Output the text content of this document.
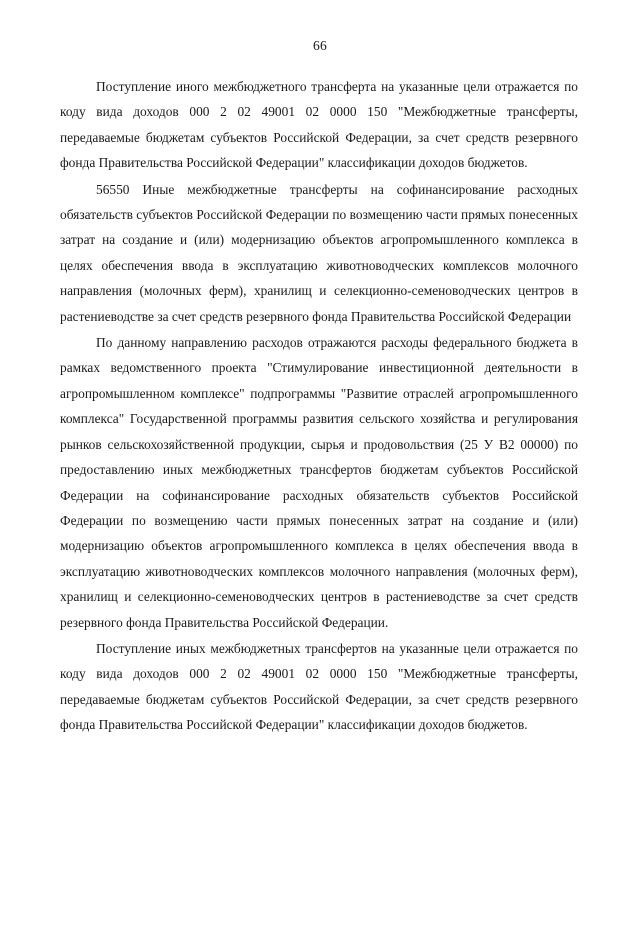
66

Поступление иного межбюджетного трансферта на указанные цели отражается по коду вида доходов 000 2 02 49001 02 0000 150 "Межбюджетные трансферты, передаваемые бюджетам субъектов Российской Федерации, за счет средств резервного фонда Правительства Российской Федерации" классификации доходов бюджетов.

56550 Иные межбюджетные трансферты на софинансирование расходных обязательств субъектов Российской Федерации по возмещению части прямых понесенных затрат на создание и (или) модернизацию объектов агропромышленного комплекса в целях обеспечения ввода в эксплуатацию животноводческих комплексов молочного направления (молочных ферм), хранилищ и селекционно-семеноводческих центров в растениеводстве за счет средств резервного фонда Правительства Российской Федерации

По данному направлению расходов отражаются расходы федерального бюджета в рамках ведомственного проекта "Стимулирование инвестиционной деятельности в агропромышленном комплексе" подпрограммы "Развитие отраслей агропромышленного комплекса" Государственной программы развития сельского хозяйства и регулирования рынков сельскохозяйственной продукции, сырья и продовольствия (25 У В2 00000) по предоставлению иных межбюджетных трансфертов бюджетам субъектов Российской Федерации на софинансирование расходных обязательств субъектов Российской Федерации по возмещению части прямых понесенных затрат на создание и (или) модернизацию объектов агропромышленного комплекса в целях обеспечения ввода в эксплуатацию животноводческих комплексов молочного направления (молочных ферм), хранилищ и селекционно-семеноводческих центров в растениеводстве за счет средств резервного фонда Правительства Российской Федерации.

Поступление иных межбюджетных трансфертов на указанные цели отражается по коду вида доходов 000 2 02 49001 02 0000 150 "Межбюджетные трансферты, передаваемые бюджетам субъектов Российской Федерации, за счет средств резервного фонда Правительства Российской Федерации" классификации доходов бюджетов.
